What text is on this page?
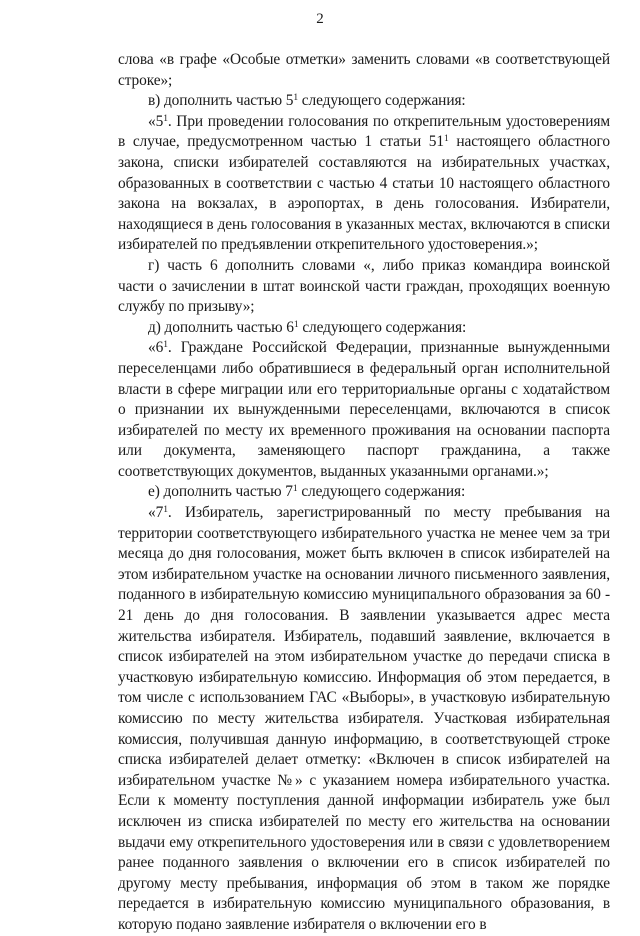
2

слова «в графе «Особые отметки» заменить словами «в соответствующей строке»;

в) дополнить частью $5^1$ следующего содержания:

«$5^1$. При проведении голосования по открепительным удостоверениям в случае, предусмотренном частью 1 статьи $51^1$ настоящего областного закона, списки избирателей составляются на избирательных участках, образованных в соответствии с частью 4 статьи 10 настоящего областного закона на вокзалах, в аэропортах, в день голосования. Избиратели, находящиеся в день голосования в указанных местах, включаются в списки избирателей по предъявлении открепительного удостоверения.»;

г) часть 6 дополнить словами «, либо приказ командира воинской части о зачислении в штат воинской части граждан, проходящих военную службу по призыву»;

д) дополнить частью $6^1$ следующего содержания:

«$6^1$. Граждане Российской Федерации, признанные вынужденными переселенцами либо обратившиеся в федеральный орган исполнительной власти в сфере миграции или его территориальные органы с ходатайством о признании их вынужденными переселенцами, включаются в список избирателей по месту их временного проживания на основании паспорта или документа, заменяющего паспорт гражданина, а также соответствующих документов, выданных указанными органами.»;

е) дополнить частью $7^1$ следующего содержания:

«$7^1$. Избиратель, зарегистрированный по месту пребывания на территории соответствующего избирательного участка не менее чем за три месяца до дня голосования, может быть включен в список избирателей на этом избирательном участке на основании личного письменного заявления, поданного в избирательную комиссию муниципального образования за 60 - 21 день до дня голосования. В заявлении указывается адрес места жительства избирателя. Избиратель, подавший заявление, включается в список избирателей на этом избирательном участке до передачи списка в участковую избирательную комиссию. Информация об этом передается, в том числе с использованием ГАС «Выборы», в участковую избирательную комиссию по месту жительства избирателя. Участковая избирательная комиссия, получившая данную информацию, в соответствующей строке списка избирателей делает отметку: «Включен в список избирателей на избирательном участке №» с указанием номера избирательного участка. Если к моменту поступления данной информации избиратель уже был исключен из списка избирателей по месту его жительства на основании выдачи ему открепительного удостоверения или в связи с удовлетворением ранее поданного заявления о включении его в список избирателей по другому месту пребывания, информация об этом в таком же порядке передается в избирательную комиссию муниципального образования, в которую подано заявление избирателя о включении его в
